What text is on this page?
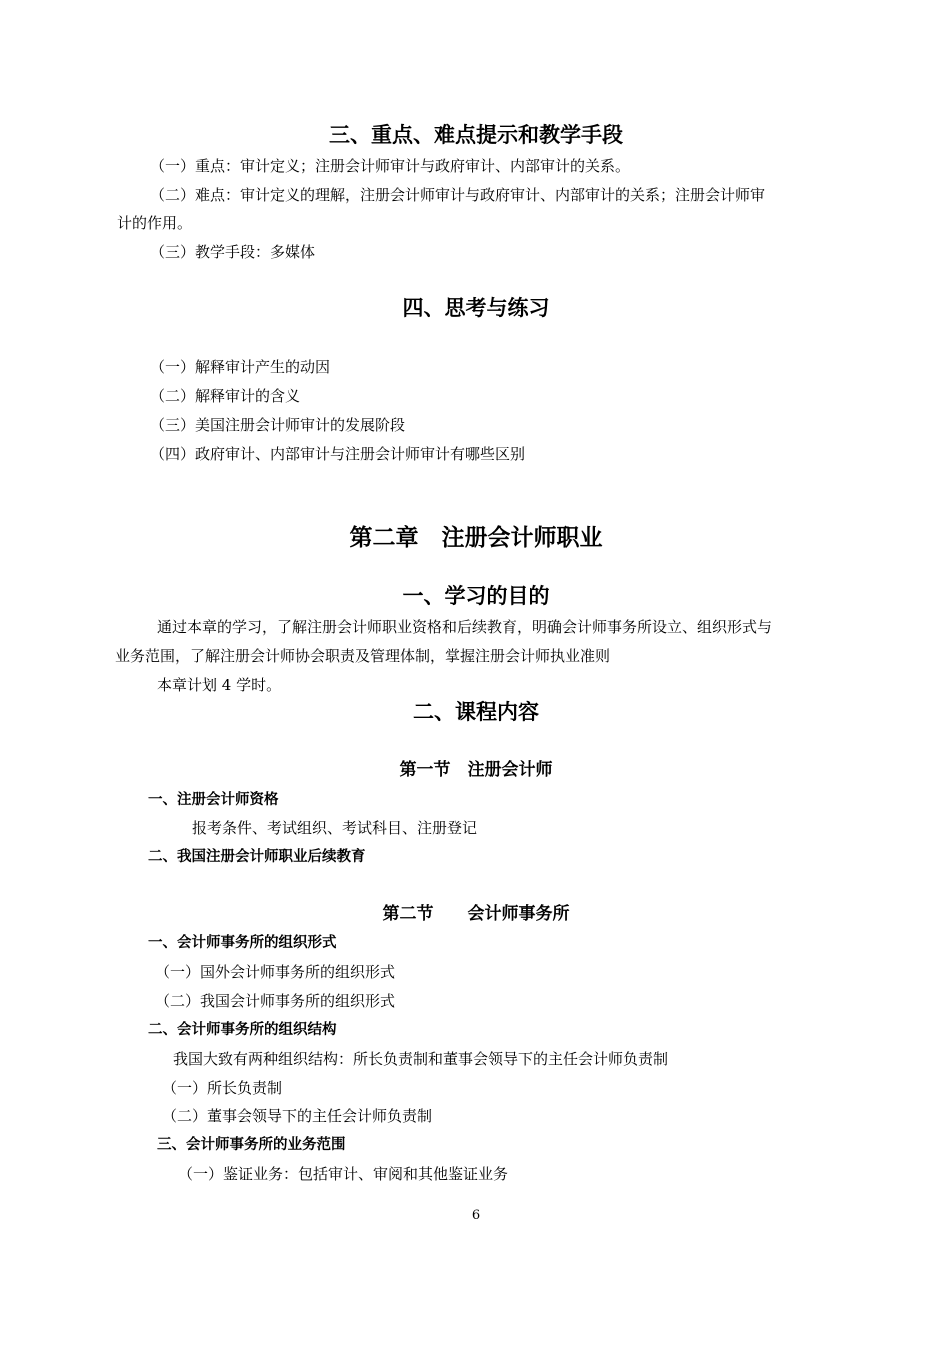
三、重点、难点提示和教学手段
（一）重点：审计定义；注册会计师审计与政府审计、内部审计的关系。
（二）难点：审计定义的理解，注册会计师审计与政府审计、内部审计的关系；注册会计师审
计的作用。
（三）教学手段：多媒体
四、思考与练习
（一）解释审计产生的动因
（二）解释审计的含义
（三）美国注册会计师审计的发展阶段
（四）政府审计、内部审计与注册会计师审计有哪些区别
第二章　注册会计师职业
一、学习的目的
通过本章的学习，了解注册会计师职业资格和后续教育，明确会计师事务所设立、组织形式与
业务范围，了解注册会计师协会职责及管理体制，掌握注册会计师执业准则
本章计划 4 学时。
二、课程内容
第一节　注册会计师
一、注册会计师资格
报考条件、考试组织、考试科目、注册登记
二、我国注册会计师职业后续教育
第二节　　会计师事务所
一、会计师事务所的组织形式
（一）国外会计师事务所的组织形式
（二）我国会计师事务所的组织形式
二、会计师事务所的组织结构
我国大致有两种组织结构：所长负责制和董事会领导下的主任会计师负责制
（一）所长负责制
（二）董事会领导下的主任会计师负责制
三、会计师事务所的业务范围
（一）鉴证业务：包括审计、审阅和其他鉴证业务
6
